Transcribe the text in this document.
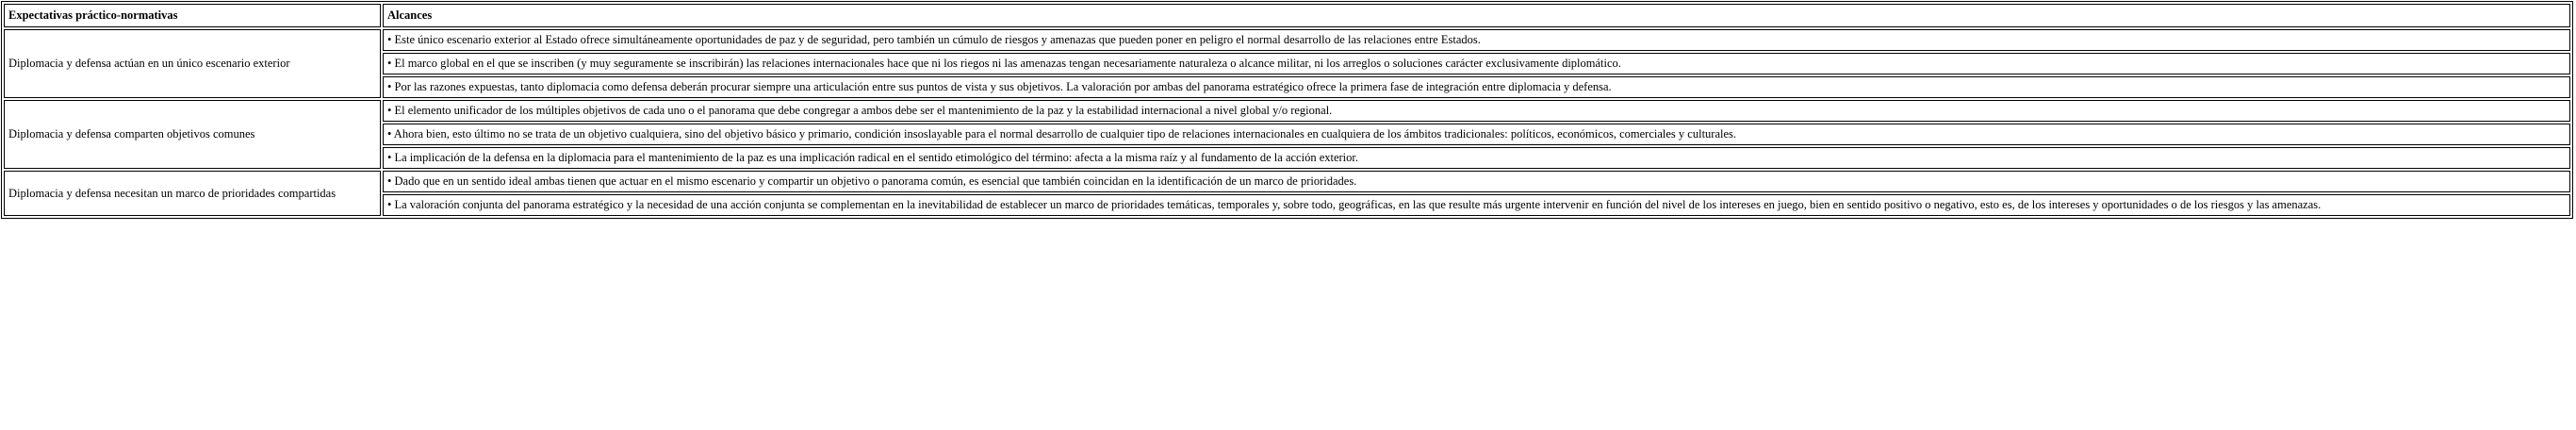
Expectativas práctico-normativas	Alcances
Diplomacia y defensa actúan en un único escenario exterior	• Este único escenario exterior al Estado ofrece simultáneamente oportunidades de paz y de seguridad, pero también un cúmulo de riesgos y amenazas que pueden poner en peligro el normal desarrollo de las relaciones entre Estados.
	• El marco global en el que se inscriben (y muy seguramente se inscribirán) las relaciones internacionales hace que ni los riegos ni las amenazas tengan necesariamente naturaleza o alcance militar, ni los arreglos o soluciones carácter exclusivamente diplomático.
	• Por las razones expuestas, tanto diplomacia como defensa deberán procurar siempre una articulación entre sus puntos de vista y sus objetivos. La valoración por ambas del panorama estratégico ofrece la primera fase de integración entre diplomacia y defensa.
Diplomacia y defensa comparten objetivos comunes	• El elemento unificador de los múltiples objetivos de cada uno o el panorama que debe congregar a ambos debe ser el mantenimiento de la paz y la estabilidad internacional a nivel global y/o regional.
	• Ahora bien, esto último no se trata de un objetivo cualquiera, sino del objetivo básico y primario, condición insoslayable para el normal desarrollo de cualquier tipo de relaciones internacionales en cualquiera de los ámbitos tradicionales: políticos, económicos, comerciales y culturales.
	• La implicación de la defensa en la diplomacia para el mantenimiento de la paz es una implicación radical en el sentido etimológico del término: afecta a la misma raíz y al fundamento de la acción exterior.
Diplomacia y defensa necesitan un marco de prioridades compartidas	• Dado que en un sentido ideal ambas tienen que actuar en el mismo escenario y compartir un objetivo o panorama común, es esencial que también coincidan en la identificación de un marco de prioridades.
	• La valoración conjunta del panorama estratégico y la necesidad de una acción conjunta se complementan en la inevitabilidad de establecer un marco de prioridades temáticas, temporales y, sobre todo, geográficas, en las que resulte más urgente intervenir en función del nivel de los intereses en juego, bien en sentido positivo o negativo, esto es, de los intereses y oportunidades o de los riesgos y las amenazas.
